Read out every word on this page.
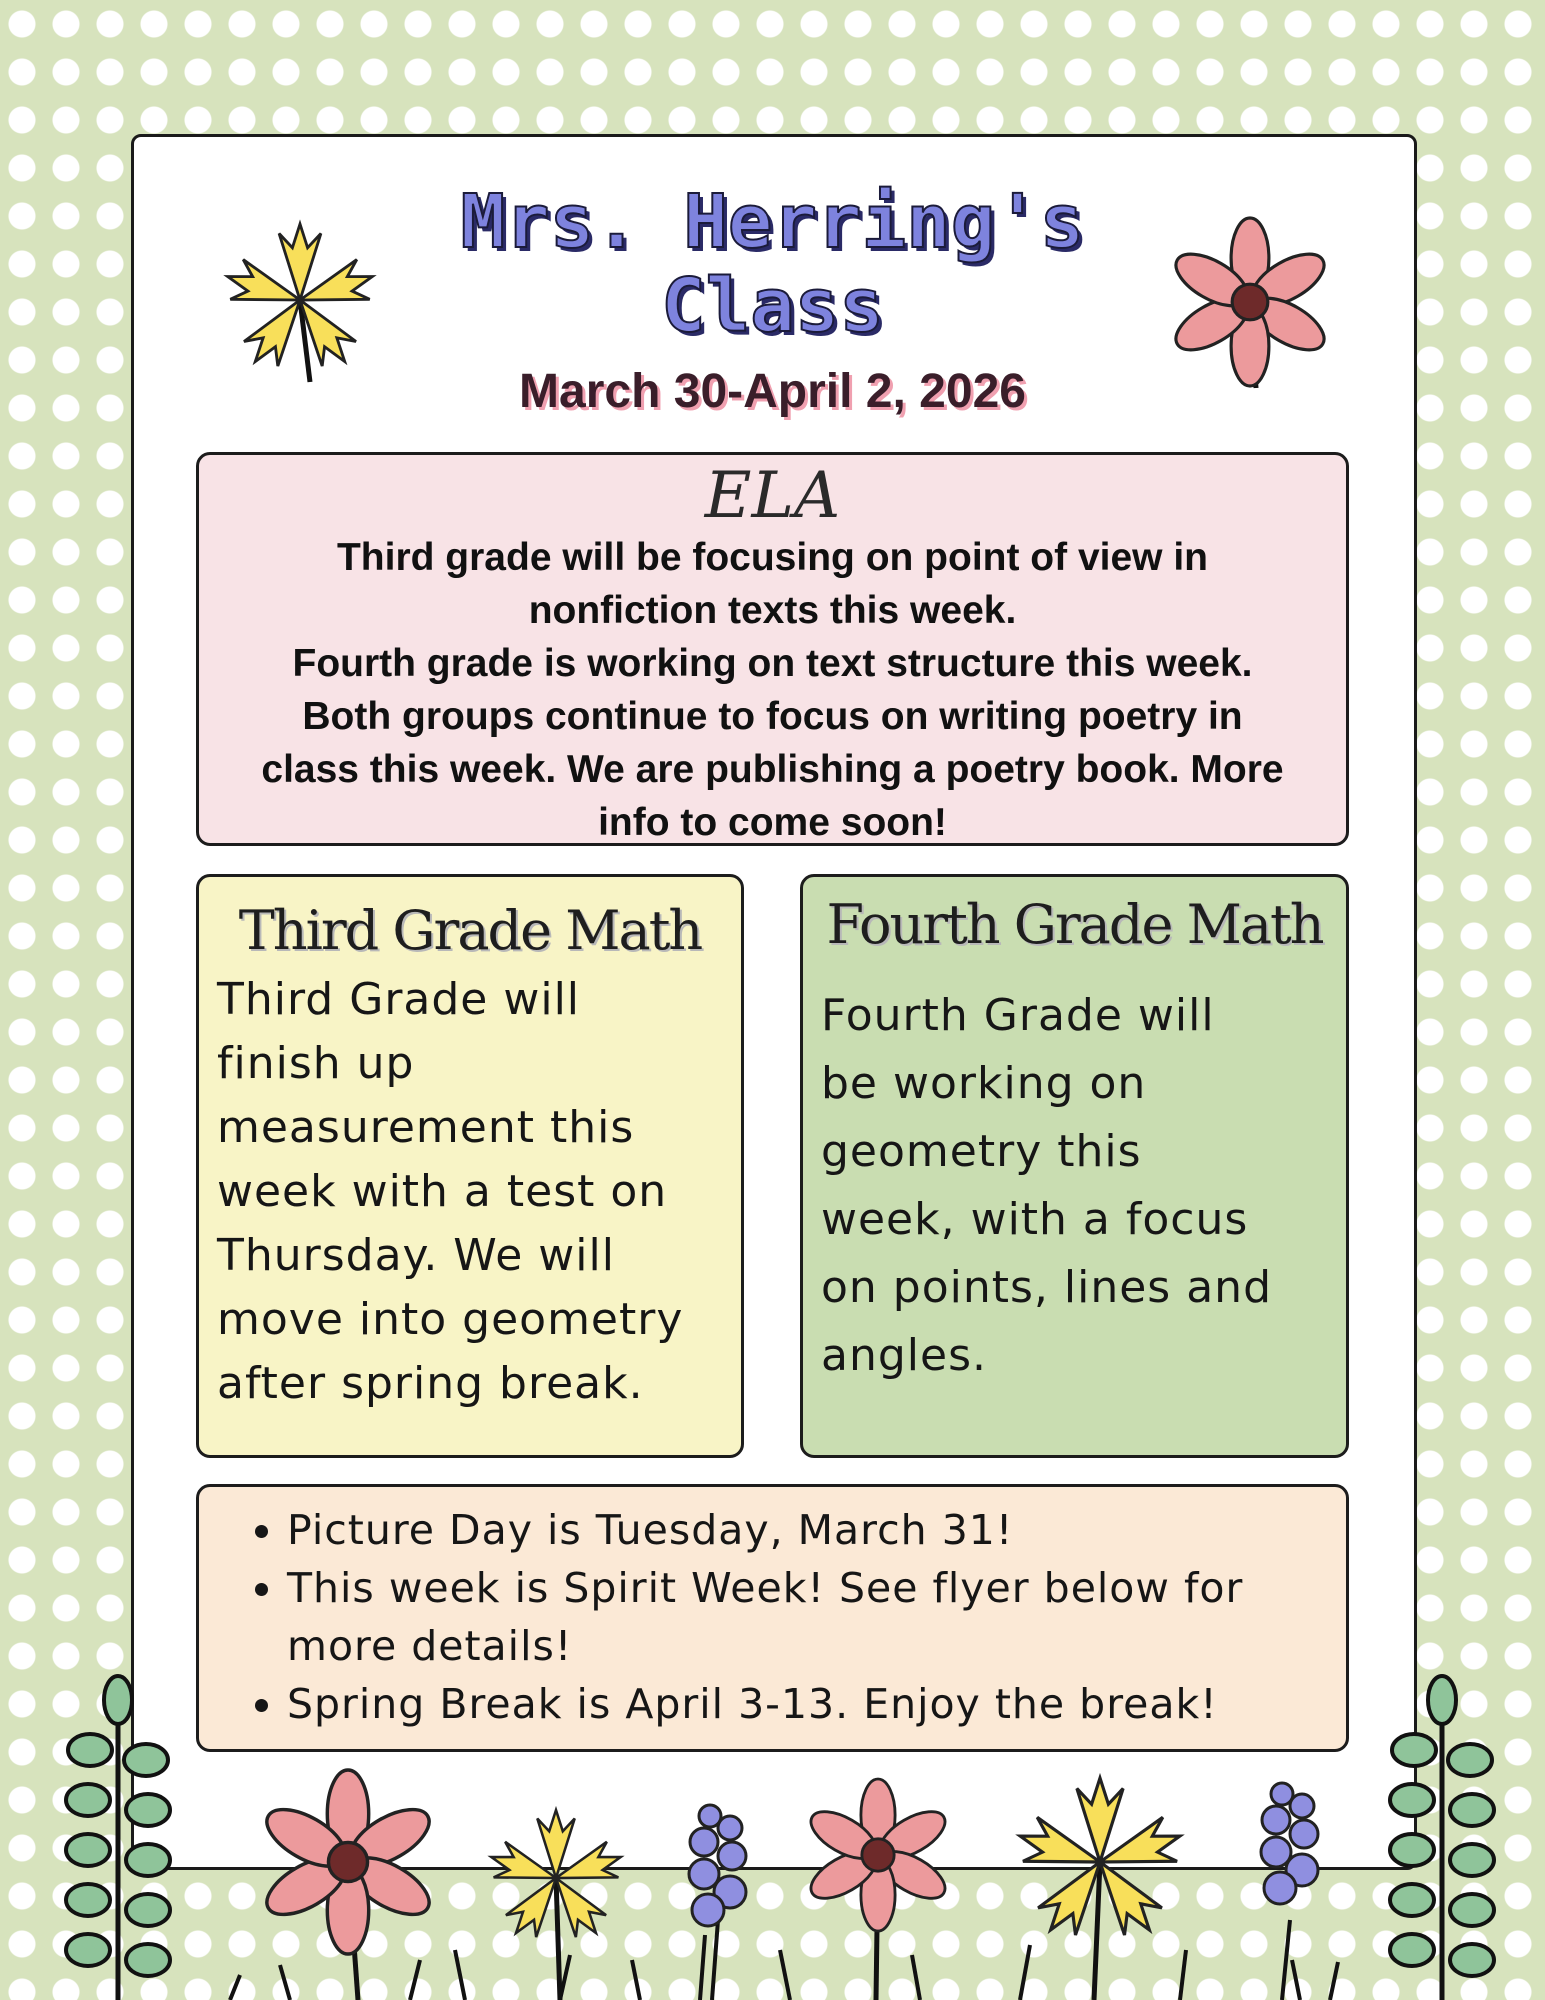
Mrs. Herring's
Class
March 30-April 2, 2026
ELA
Third grade will be focusing on point of view in
nonfiction texts this week.
Fourth grade is working on text structure this week.
Both groups continue to focus on writing poetry in
class this week. We are publishing a poetry book. More
info to come soon!
Third Grade Math
Third Grade will
finish up
measurement this
week with a test on
Thursday. We will
move into geometry
after spring break.
Fourth Grade Math
Fourth Grade will
be working on
geometry this
week, with a focus
on points, lines and
angles.
• Picture Day is Tuesday, March 31!
• This week is Spirit Week! See flyer below for more details!
• Spring Break is April 3-13. Enjoy the break!
